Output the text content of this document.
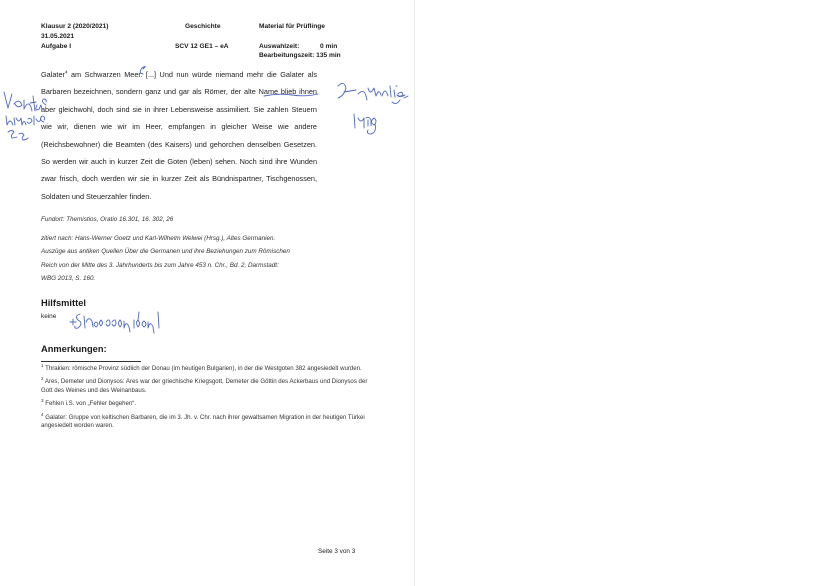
Klausur 2 (2020/2021)
31.05.2021
Aufgabe I
Geschichte
SCV 12 GE1 – eA
Material für Prüflinge
Auswahlzeit:	0 min
Bearbeitungszeit: 135 min
Galater$^4$ am Schwarzen Meer. [...] Und nun würde niemand mehr die Galater als Barbaren bezeichnen, sondern ganz und gar als Römer, der alte Name blieb ihnen aber gleichwohl, doch sind sie in ihrer Lebensweise assimiliert. Sie zahlen Steuern wie wir, dienen wie wir im Heer, empfangen in gleicher Weise wie andere (Reichsbewohner) die Beamten (des Kaisers) und gehorchen denselben Gesetzen. So werden wir auch in kurzer Zeit die Goten (leben) sehen. Noch sind ihre Wunden zwar frisch, doch werden wir sie in kurzer Zeit als Bündnispartner, Tischgenossen, Soldaten und Steuerzahler finden.
Fundort: Themistios, Oratio 16.301, 16. 302, 26
zitiert nach: Hans-Werner Goetz und Karl-Wilhelm Welwei (Hrsg.), Altes Germanien.
Auszüge aus antiken Quellen Über die Germanen und ihre Beziehungen zum Römischen
Reich von der Mitte des 3. Jahrhunderts bis zum Jahre 453 n. Chr., Bd. 2, Darmstadt:
WBG 2013, S. 160.
Hilfsmittel
keine
Anmerkungen:
$^1$ Thrakien: römische Provinz südlich der Donau (im heutigen Bulgarien), in der die Westgoten 382 angesiedelt wurden.
$^2$ Ares, Demeter und Dionysos: Ares war der griechische Kriegsgott, Demeter die Göttin des Ackerbaus und Dionysos der Gott des Weines und des Weinanbaus.
$^3$ Fehlen i.S. von „Fehler begehen“.
$^4$ Galater: Gruppe von keltischen Barbaren, die im 3. Jh. v. Chr. nach ihrer gewaltsamen Migration in der heutigen Türkei angesiedelt worden waren.
Seite 3 von 3
